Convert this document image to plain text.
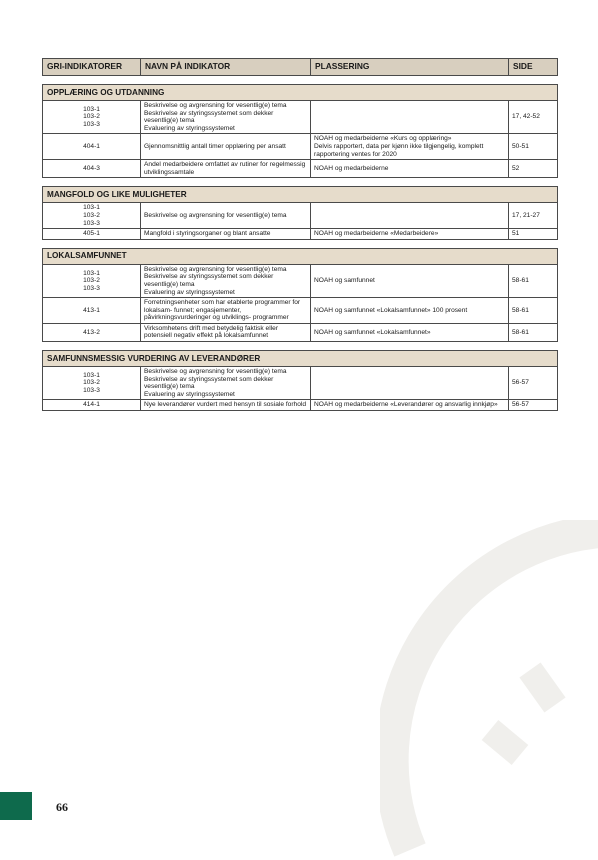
GRI-INDIKATORER	NAVN PÅ INDIKATOR	PLASSERING	SIDE

OPPLÆRING OG UTDANNING			

103-1
103-2
103-3	Beskrivelse og avgrensning for vesentlig(e) tema
Beskrivelse av styringssystemet som dekker vesentlig(e) tema
Evaluering av styringssystemet		17, 42-52

404-1	Gjennomsnittlig antall timer opplæring per ansatt	NOAH og medarbeiderne «Kurs og opplæring»
Delvis rapportert, data per kjønn ikke tilgjengelig, komplett rapportering ventes for 2020	50-51

404-3	Andel medarbeidere omfattet av rutiner for regelmessig utviklingssamtale	NOAH og medarbeiderne	52

MANGFOLD OG LIKE MULIGHETER			

103-1
103-2
103-3	Beskrivelse og avgrensning for vesentlig(e) tema		17, 21-27

405-1	Mangfold i styringsorganer og blant ansatte	NOAH og medarbeiderne «Medarbeidere»	51

LOKALSAMFUNNET			

103-1
103-2
103-3	Beskrivelse og avgrensning for vesentlig(e) tema
Beskrivelse av styringssystemet som dekker vesentlig(e) tema
Evaluering av styringssystemet	NOAH og samfunnet	58-61

413-1	Forretningsenheter som har etablerte programmer for lokalsam- funnet; engasjementer, påvirkningsvurderinger og utviklings- programmer	NOAH og samfunnet «Lokalsamfunnet» 100 prosent	58-61

413-2	Virksomhetens drift med betydelig faktisk eller potensiell negativ effekt på lokalsamfunnet	NOAH og samfunnet «Lokalsamfunnet»	58-61

SAMFUNNSMESSIG VURDERING AV LEVERANDØRER			

103-1
103-2
103-3	Beskrivelse og avgrensning for vesentlig(e) tema
Beskrivelse av styringssystemet som dekker vesentlig(e) tema
Evaluering av styringssystemet		56-57

414-1	Nye leverandører vurdert med hensyn til sosiale forhold	NOAH og medarbeiderne «Leverandører og ansvarlig innkjøp»	56-57
66
